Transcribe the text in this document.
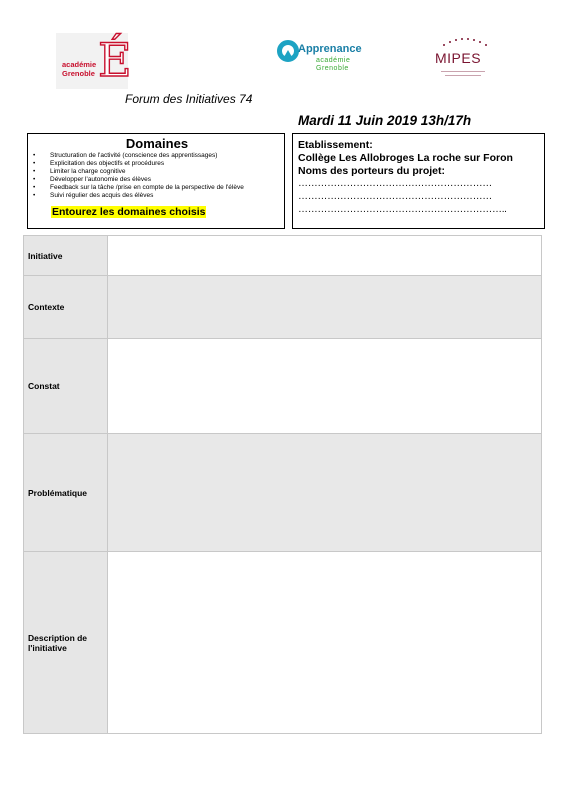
académie
Grenoble É	Apprenance
académie
Grenoble
MIPES
Forum des Initiatives 74
Mardi 11 Juin 2019 13h/17h
Domaines
• Structuration de l'activité (conscience des apprentissages)
• Explicitation des objectifs et procédures
• Limiter la charge cognitive
• Développer l'autonomie des élèves
• Feedback sur la tâche /prise en compte de la perspective de l'élève
• Suivi régulier des acquis des élèves
Entourez les domaines choisis
Etablissement:
Collège Les Allobroges La roche sur Foron
Noms des porteurs du projet:
……………………………………………………
……………………………………………………
………………………………………………………..
Initiative	
Contexte	
Constat	
Problématique	
Description de l'initiative	
